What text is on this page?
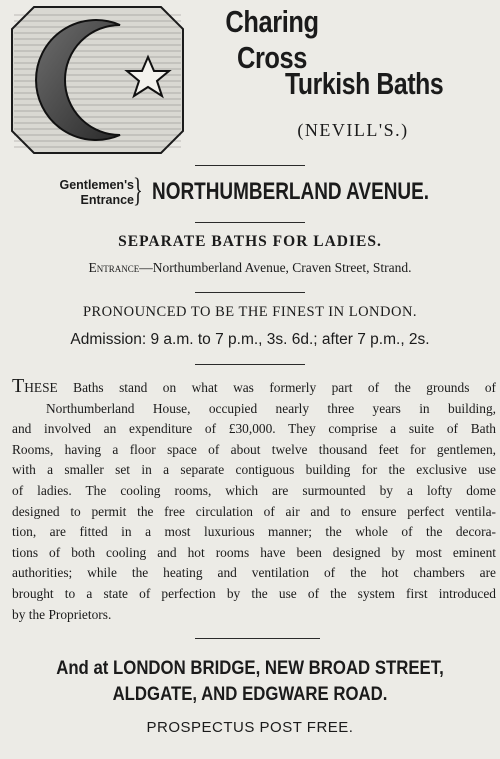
Charing Cross
Turkish Baths
(NEVILL'S.)
Gentlemen's
Entrance } NORTHUMBERLAND AVENUE.
SEPARATE BATHS FOR LADIES.
Entrance—Northumberland Avenue, Craven Street, Strand.
PRONOUNCED TO BE THE FINEST IN LONDON.
Admission: 9 a.m. to 7 p.m., 3s. 6d.; after 7 p.m., 2s.
THESE Baths stand on what was formerly part of the grounds of
Northumberland House, occupied nearly three years in building,
and involved an expenditure of £30,000. They comprise a suite of Bath
Rooms, having a floor space of about twelve thousand feet for gentlemen,
with a smaller set in a separate contiguous building for the exclusive use
of ladies. The cooling rooms, which are surmounted by a lofty dome
designed to permit the free circulation of air and to ensure perfect ventila-
tion, are fitted in a most luxurious manner; the whole of the decora-
tions of both cooling and hot rooms have been designed by most eminent
authorities; while the heating and ventilation of the hot chambers are
brought to a state of perfection by the use of the system first introduced
by the Proprietors.
And at LONDON BRIDGE, NEW BROAD STREET,
ALDGATE, AND EDGWARE ROAD.
PROSPECTUS POST FREE.
